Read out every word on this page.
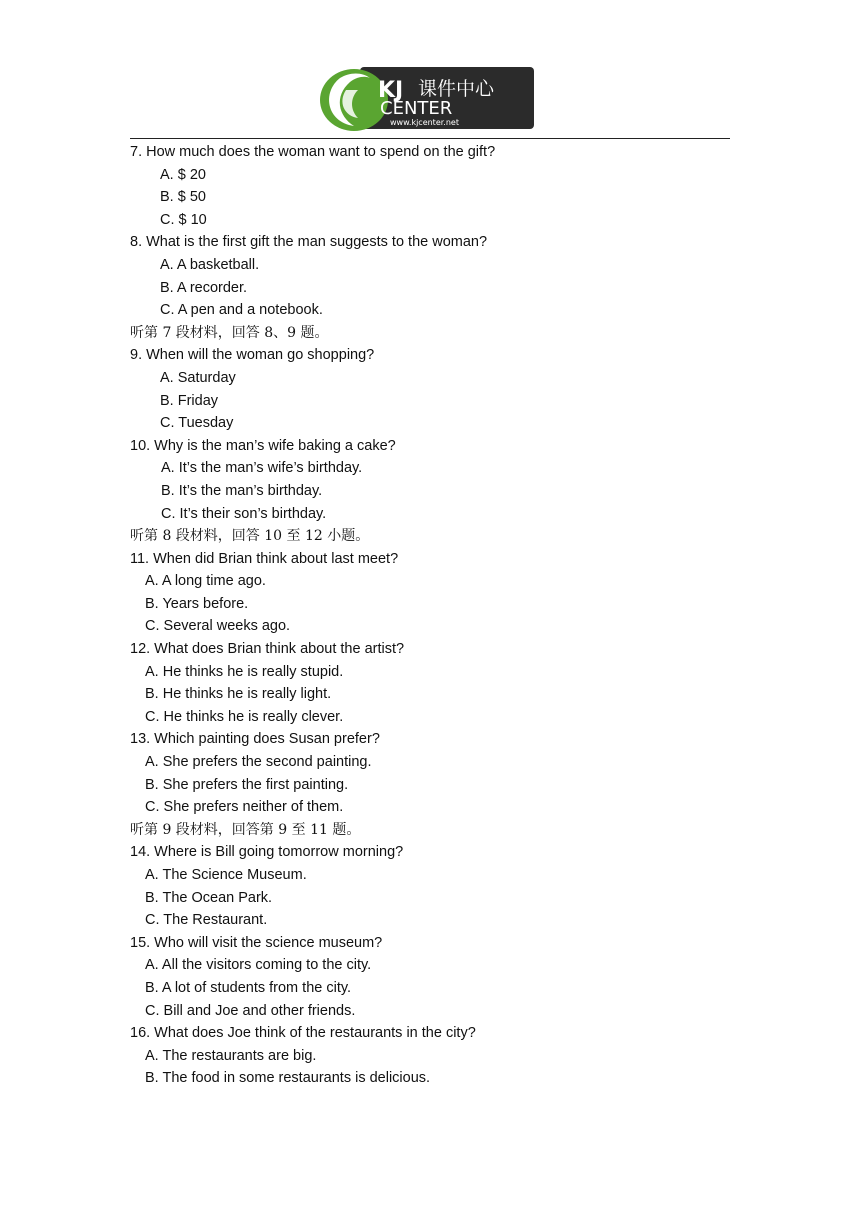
KJ 课件中心
CENTER
www.kjcenter.net
7. How much does the woman want to spend on the gift?
A. $ 20
B. $ 50
C. $ 10
8. What is the first gift the man suggests to the woman?
A. A basketball.
B. A recorder.
C. A pen and a notebook.
听第 7 段材料，回答 8、9 题。
9. When will the woman go shopping?
A. Saturday
B. Friday
C. Tuesday
10. Why is the man’s wife baking a cake?
A. It’s the man’s wife’s birthday.
B. It’s the man’s birthday.
C. It’s their son’s birthday.
听第 8 段材料，回答 10 至 12 小题。
11. When did Brian think about last meet?
A. A long time ago.
B. Years before.
C. Several weeks ago.
12. What does Brian think about the artist?
A. He thinks he is really stupid.
B. He thinks he is really light.
C. He thinks he is really clever.
13. Which painting does Susan prefer?
A. She prefers the second painting.
B. She prefers the first painting.
C. She prefers neither of them.
听第 9 段材料，回答第 9 至 11 题。
14. Where is Bill going tomorrow morning?
A. The Science Museum.
B. The Ocean Park.
C. The Restaurant.
15. Who will visit the science museum?
A. All the visitors coming to the city.
B. A lot of students from the city.
C. Bill and Joe and other friends.
16. What does Joe think of the restaurants in the city?
A. The restaurants are big.
B. The food in some restaurants is delicious.
